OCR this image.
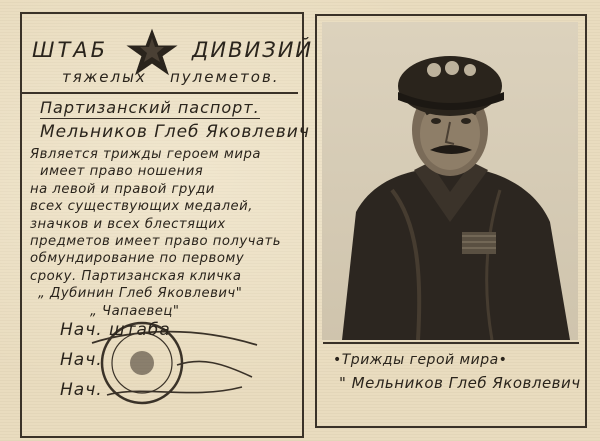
ШТАБ	ДИВИЗИЙ
тяжелых пулеметов.
Партизанский паспорт.
Мельников Глеб Яковлевич
Является трижды героем мира
имеет право ношения
на левой и правой груди
всех существующих медалей,
значков и всех блестящих
предметов имеет право получать
обмундирование по первому
сроку. Партизанская кличка
„ Дубинин Глеб Яковлевич"
„ Чапаевец"
Нач. штаба
Нач.
Нач.
•Трижды герой мира•
" Мельников Глеб Яковлевич
